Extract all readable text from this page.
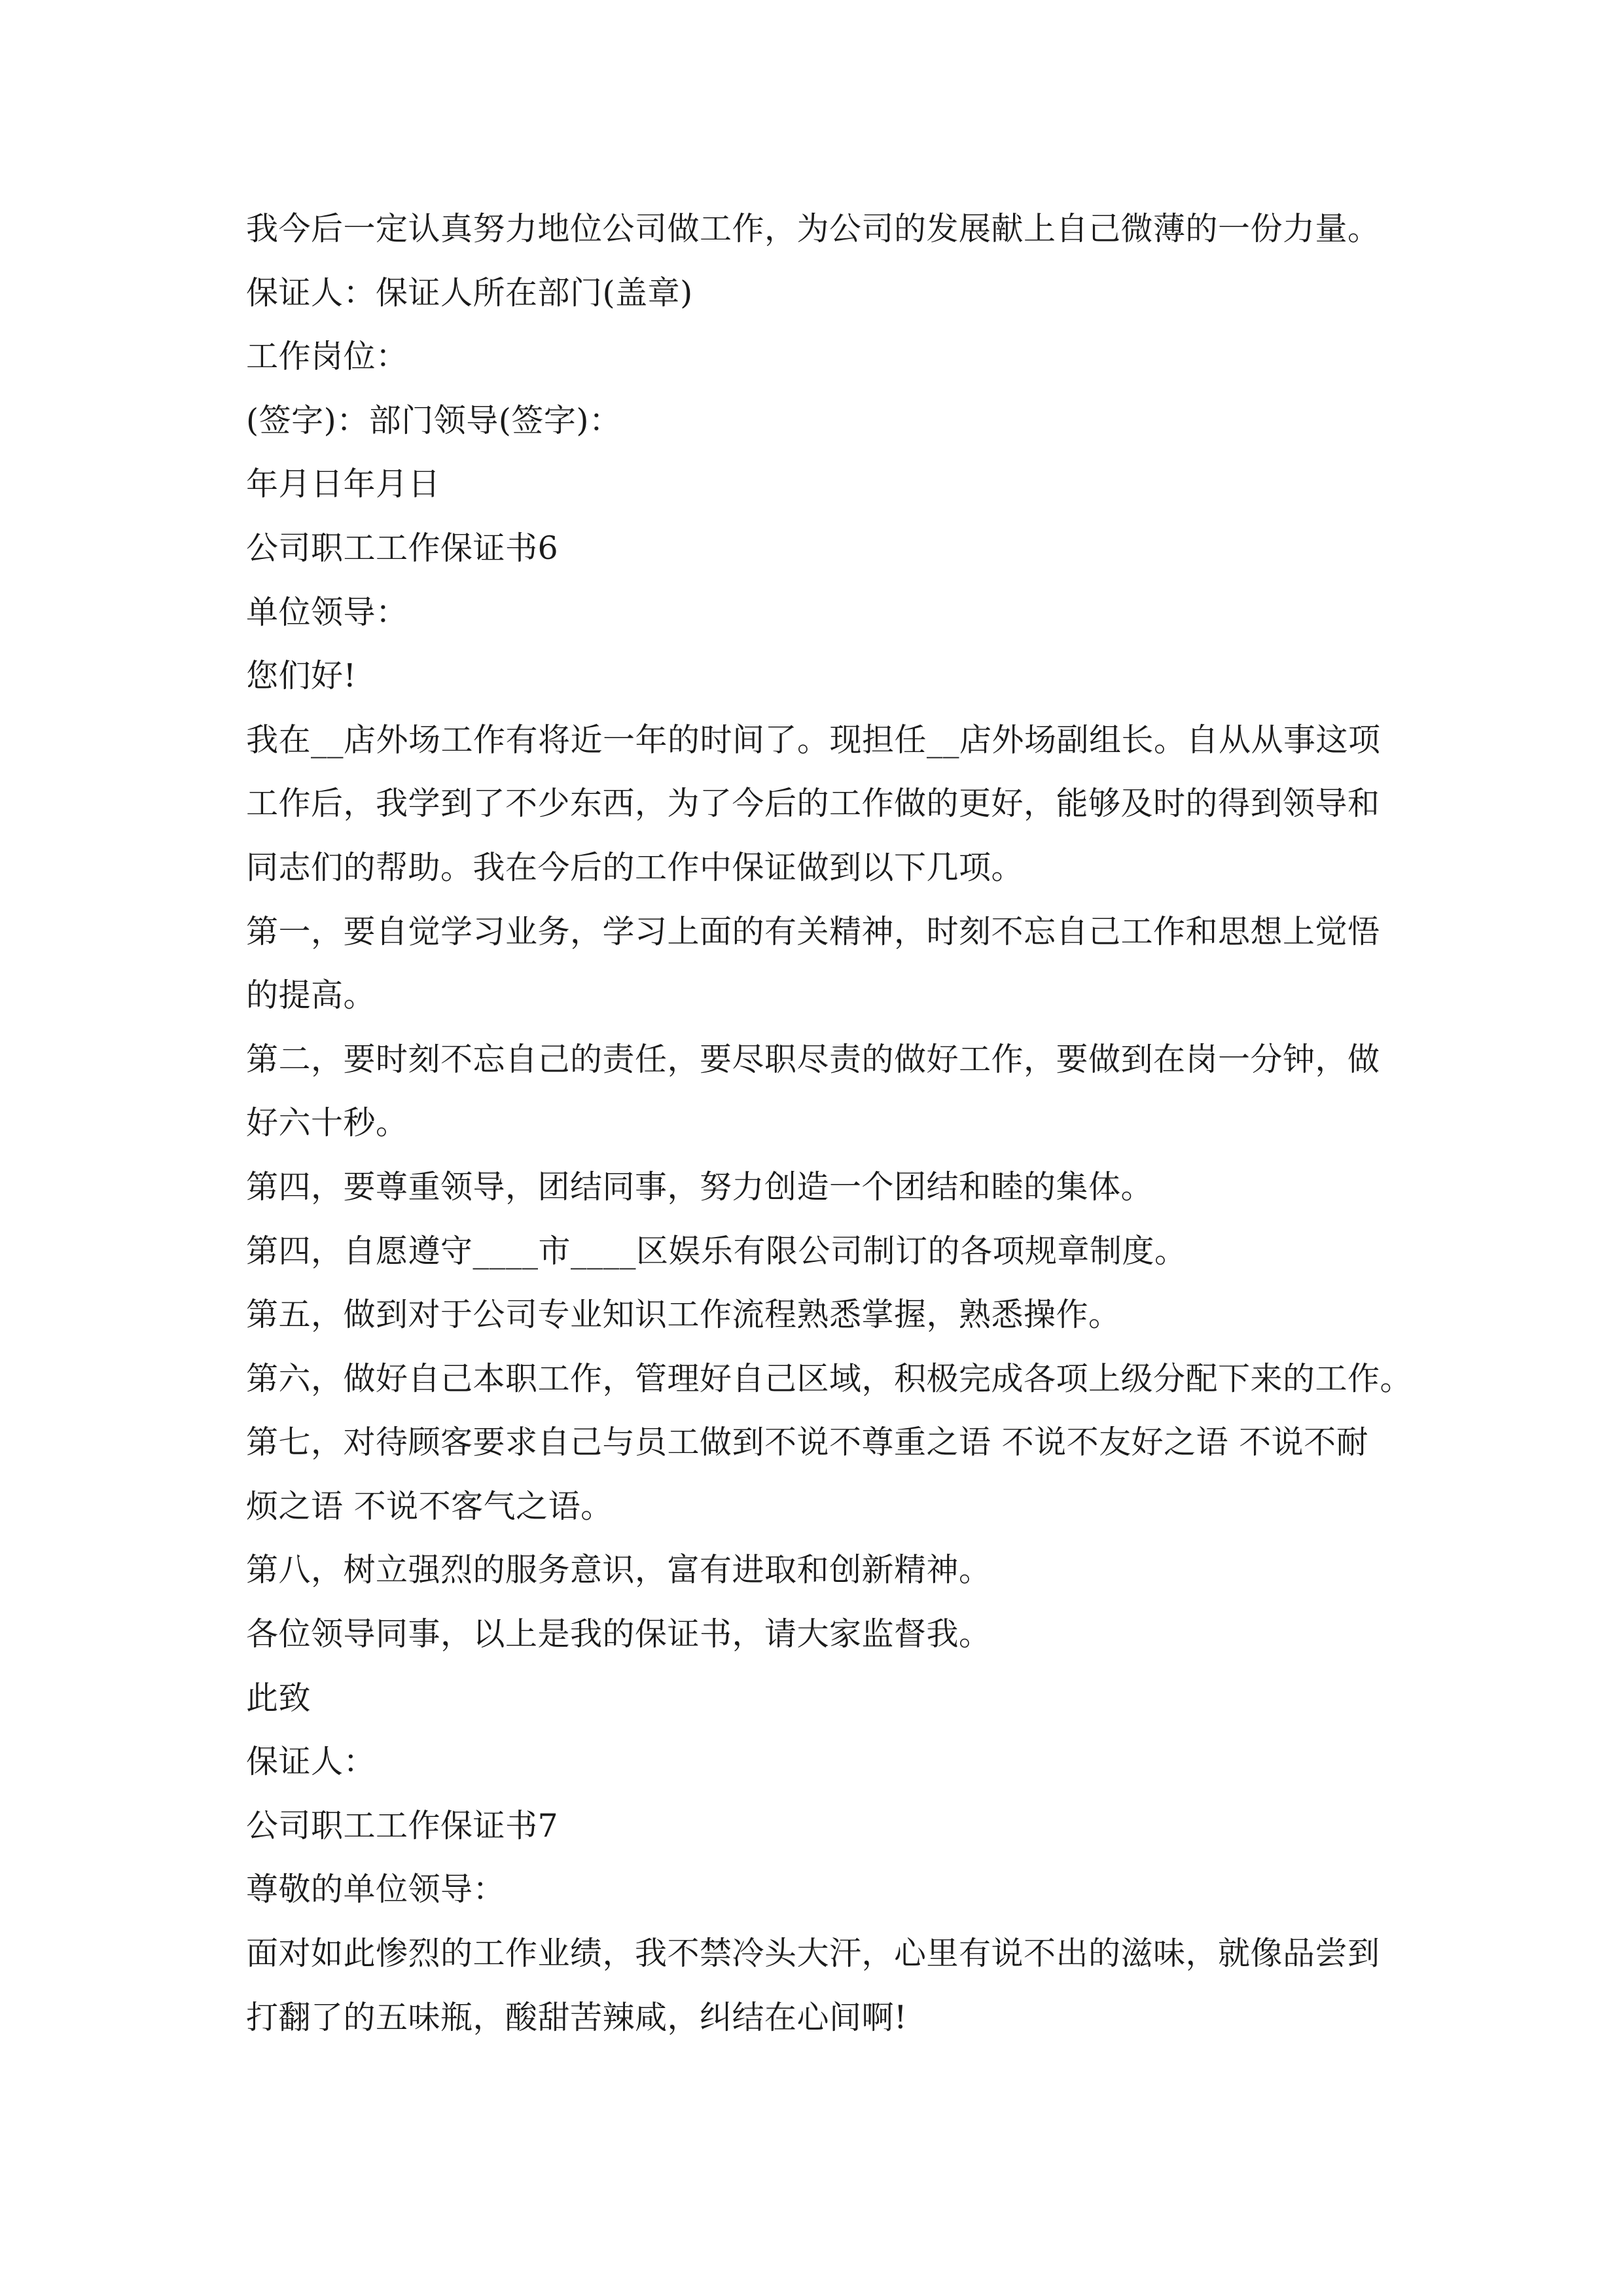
我今后一定认真努力地位公司做工作，为公司的发展献上自己微薄的一份力量。
保证人：保证人所在部门(盖章)
工作岗位：
(签字)：部门领导(签字)：
年月日年月日
公司职工工作保证书6
单位领导：
您们好!
我在__店外场工作有将近一年的时间了。现担任__店外场副组长。自从从事这项
工作后，我学到了不少东西，为了今后的工作做的更好，能够及时的得到领导和
同志们的帮助。我在今后的工作中保证做到以下几项。
第一，要自觉学习业务，学习上面的有关精神，时刻不忘自己工作和思想上觉悟
的提高。
第二，要时刻不忘自己的责任，要尽职尽责的做好工作，要做到在岗一分钟，做
好六十秒。
第四，要尊重领导，团结同事，努力创造一个团结和睦的集体。
第四，自愿遵守____市____区娱乐有限公司制订的各项规章制度。
第五，做到对于公司专业知识工作流程熟悉掌握，熟悉操作。
第六，做好自己本职工作，管理好自己区域，积极完成各项上级分配下来的工作。
第七，对待顾客要求自己与员工做到不说不尊重之语 不说不友好之语 不说不耐
烦之语 不说不客气之语。
第八，树立强烈的服务意识，富有进取和创新精神。
各位领导同事，以上是我的保证书，请大家监督我。
此致
保证人：
公司职工工作保证书7
尊敬的单位领导：
面对如此惨烈的工作业绩，我不禁冷头大汗，心里有说不出的滋味，就像品尝到
打翻了的五味瓶，酸甜苦辣咸，纠结在心间啊!
